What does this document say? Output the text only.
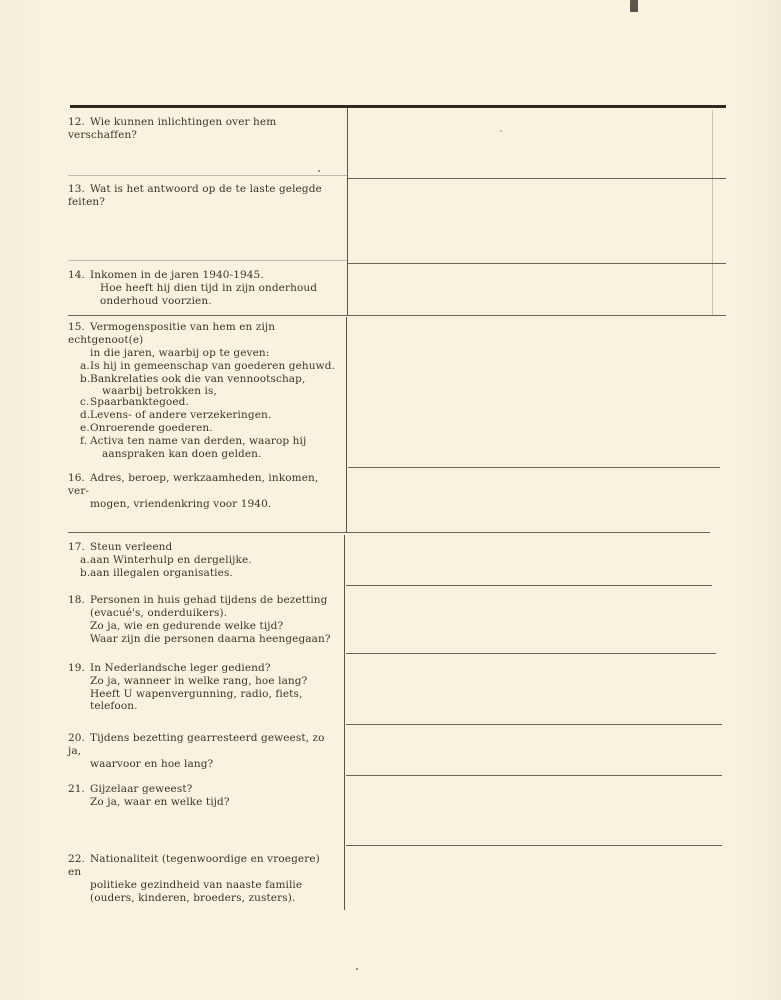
12. Wie kunnen inlichtingen over hem verschaffen?
13. Wat is het antwoord op de te laste gelegde feiten?
14. Inkomen in de jaren 1940-1945.
Hoe heeft hij dien tijd in zijn onderhoud
onderhoud voorzien.
15. Vermogenspositie van hem en zijn echtgenoot(e)
in die jaren, waarbij op te geven:
a. Is hij in gemeenschap van goederen gehuwd.
b. Bankrelaties ook die van vennootschap,
waarbij betrokken is,
c. Spaarbanktegoed.
d. Levens- of andere verzekeringen.
e. Onroerende goederen.
f. Activa ten name van derden, waarop hij
aanspraken kan doen gelden.
16. Adres, beroep, werkzaamheden, inkomen, ver-
mogen, vriendenkring voor 1940.
17. Steun verleend
a. aan Winterhulp en dergelijke.
b. aan illegalen organisaties.
18. Personen in huis gehad tijdens de bezetting
(evacué's, onderduikers).
Zo ja, wie en gedurende welke tijd?
Waar zijn die personen daarna heengegaan?
19. In Nederlandsche leger gediend?
Zo ja, wanneer in welke rang, hoe lang?
Heeft U wapenvergunning, radio, fiets,
telefoon.
20. Tijdens bezetting gearresteerd geweest, zo ja,
waarvoor en hoe lang?
21. Gijzelaar geweest?
Zo ja, waar en welke tijd?
22. Nationaliteit (tegenwoordige en vroegere) en
politieke gezindheid van naaste familie
(ouders, kinderen, broeders, zusters).
